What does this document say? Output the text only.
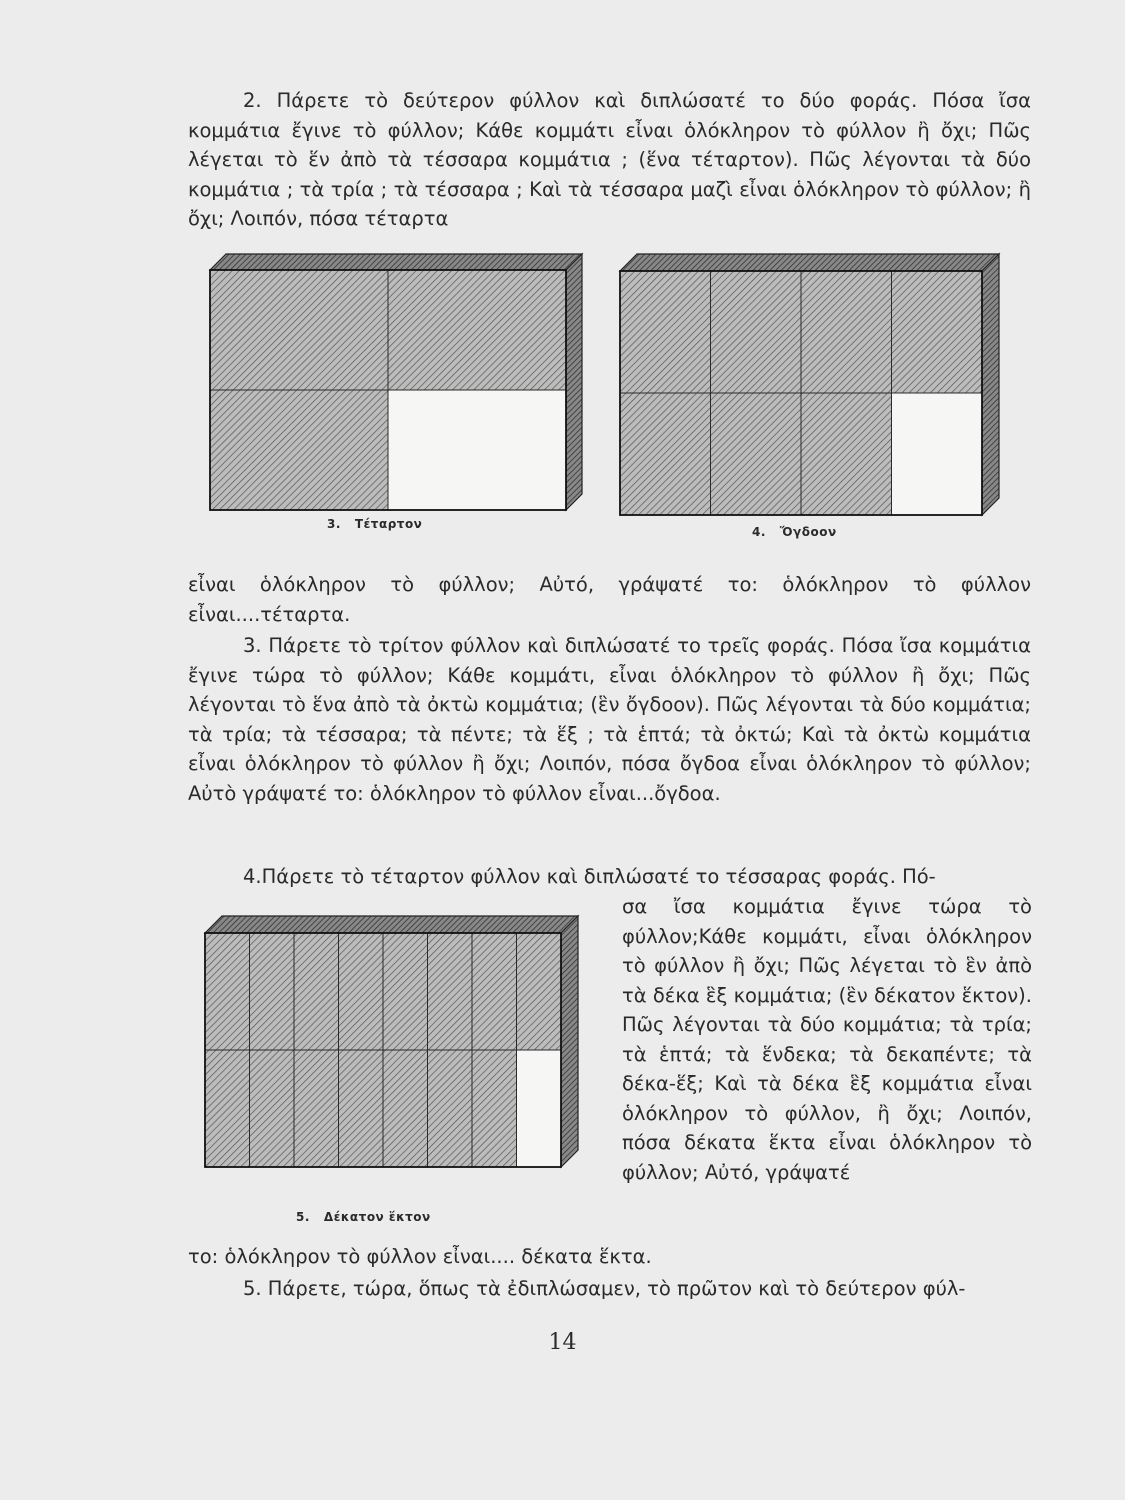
2. Πάρετε τὸ δεύτερον φύλλον καὶ διπλώσατέ το δύο φοράς. Πόσα ἴσα κομμάτια ἔγινε τὸ φύλλον; Κάθε κομμάτι εἶναι ὁλόκληρον τὸ φύλλον ἢ ὄχι; Πῶς λέγεται τὸ ἕν ἀπὸ τὰ τέσσαρα κομμάτια ; (ἕνα τέταρτον). Πῶς λέγονται τὰ δύο κομμάτια ; τὰ τρία ; τὰ τέσσαρα ; Καὶ τὰ τέσσαρα μαζὶ εἶναι ὁλόκληρον τὸ φύλλον; ἢ ὄχι; Λοιπόν, πόσα τέταρτα

3. Τέταρτον
4. Ὄγδοον

εἶναι ὁλόκληρον τὸ φύλλον; Αὐτό, γράψατέ το: ὁλόκληρον τὸ φύλλον εἶναι....τέταρτα.

3. Πάρετε τὸ τρίτον φύλλον καὶ διπλώσατέ το τρεῖς φοράς. Πόσα ἴσα κομμάτια ἔγινε τώρα τὸ φύλλον; Κάθε κομμάτι, εἶναι ὁλόκληρον τὸ φύλλον ἢ ὄχι; Πῶς λέγονται τὸ ἕνα ἀπὸ τὰ ὀκτὼ κομμάτια; (ἓν ὄγδοον). Πῶς λέγονται τὰ δύο κομμάτια; τὰ τρία; τὰ τέσσαρα; τὰ πέντε; τὰ ἕξ ; τὰ ἑπτά; τὰ ὀκτώ; Καὶ τὰ ὀκτὼ κομμάτια εἶναι ὁλόκληρον τὸ φύλλον ἢ ὄχι; Λοιπόν, πόσα ὄγδοα εἶναι ὁλόκληρον τὸ φύλλον; Αὐτὸ γράψατέ το: ὁλόκληρον τὸ φύλλον εἶναι...ὄγδοα.

4.Πάρετε τὸ τέταρτον φύλλον καὶ διπλώσατέ το τέσσαρας φοράς. Πό-

5. Δέκατον ἕκτον

σα ἴσα κομμάτια ἔγινε τώρα τὸ φύλλον;Κάθε κομμάτι, εἶναι ὁλόκληρον τὸ φύλλον ἢ ὄχι; Πῶς λέγεται τὸ ἓν ἀπὸ τὰ δέκα ἓξ κομμάτια; (ἓν δέκατον ἕκτον). Πῶς λέγονται τὰ δύο κομμάτια; τὰ τρία; τὰ ἑπτά; τὰ ἕνδεκα; τὰ δεκαπέντε; τὰ δέκα-ἕξ; Καὶ τὰ δέκα ἓξ κομμάτια εἶναι ὁλόκληρον τὸ φύλλον, ἢ ὄχι; Λοιπόν, πόσα δέκατα ἕκτα εἶναι ὁλόκληρον τὸ φύλλον; Αὐτό, γράψατέ

το: ὁλόκληρον τὸ φύλλον εἶναι.... δέκατα ἕκτα.

5. Πάρετε, τώρα, ὅπως τὰ ἐδιπλώσαμεν, τὸ πρῶτον καὶ τὸ δεύτερον φύλ-

14
